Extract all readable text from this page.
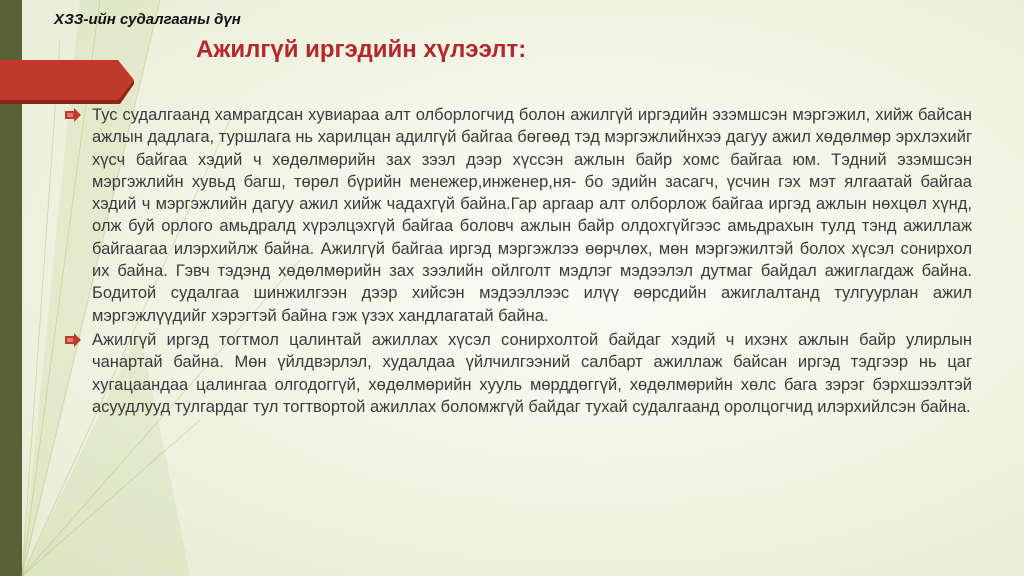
ХЗЗ-ийн судалгааны дүн
Ажилгүй иргэдийн хүлээлт:
Тус судалгаанд хамрагдсан хувиараа алт олборлогчид болон ажилгүй иргэдийн эзэмшсэн мэргэжил, хийж байсан ажлын дадлага, туршлага нь харилцан адилгүй байгаа бөгөөд тэд мэргэжлийнхээ дагуу ажил хөдөлмөр эрхлэхийг хүсч байгаа хэдий ч хөдөлмөрийн зах зээл дээр хүссэн ажлын байр хомс байгаа юм. Тэдний эзэмшсэн мэргэжлийн хувьд багш, төрөл бүрийн менежер,инженер,ня- бо эдийн засагч, үсчин гэх мэт ялгаатай байгаа хэдий ч мэргэжлийн дагуу ажил хийж чадахгүй байна.Гар аргаар алт олборлож байгаа иргэд ажлын нөхцөл хүнд, олж буй орлого амьдралд хүрэлцэхгүй байгаа боловч ажлын байр олдохгүйгээс амьдрахын тулд тэнд ажиллаж байгаагаа илэрхийлж байна. Ажилгүй байгаа иргэд мэргэжлээ өөрчлөх, мөн мэргэжилтэй болох хүсэл сонирхол их байна. Гэвч тэдэнд хөдөлмөрийн зах зээлийн ойлголт мэдлэг мэдээлэл дутмаг байдал ажиглагдаж байна. Бодитой судалгаа шинжилгээн дээр хийсэн мэдээллээс илүү өөрсдийн ажиглалтанд тулгуурлан ажил мэргэжлүүдийг хэрэгтэй байна гэж үзэх хандлагатай байна.
Ажилгүй иргэд тогтмол цалинтай ажиллах хүсэл сонирхолтой байдаг хэдий ч ихэнх ажлын байр улирлын чанартай байна. Мөн үйлдвэрлэл, худалдаа үйлчилгээний салбарт ажиллаж байсан иргэд тэдгээр нь цаг хугацаандаа цалингаа олгодоггүй, хөдөлмөрийн хууль мөрддөггүй, хөдөлмөрийн хөлс бага зэрэг бэрхшээлтэй асуудлууд тулгардаг тул тогтвортой ажиллах боломжгүй байдаг тухай судалгаанд оролцогчид илэрхийлсэн байна.
